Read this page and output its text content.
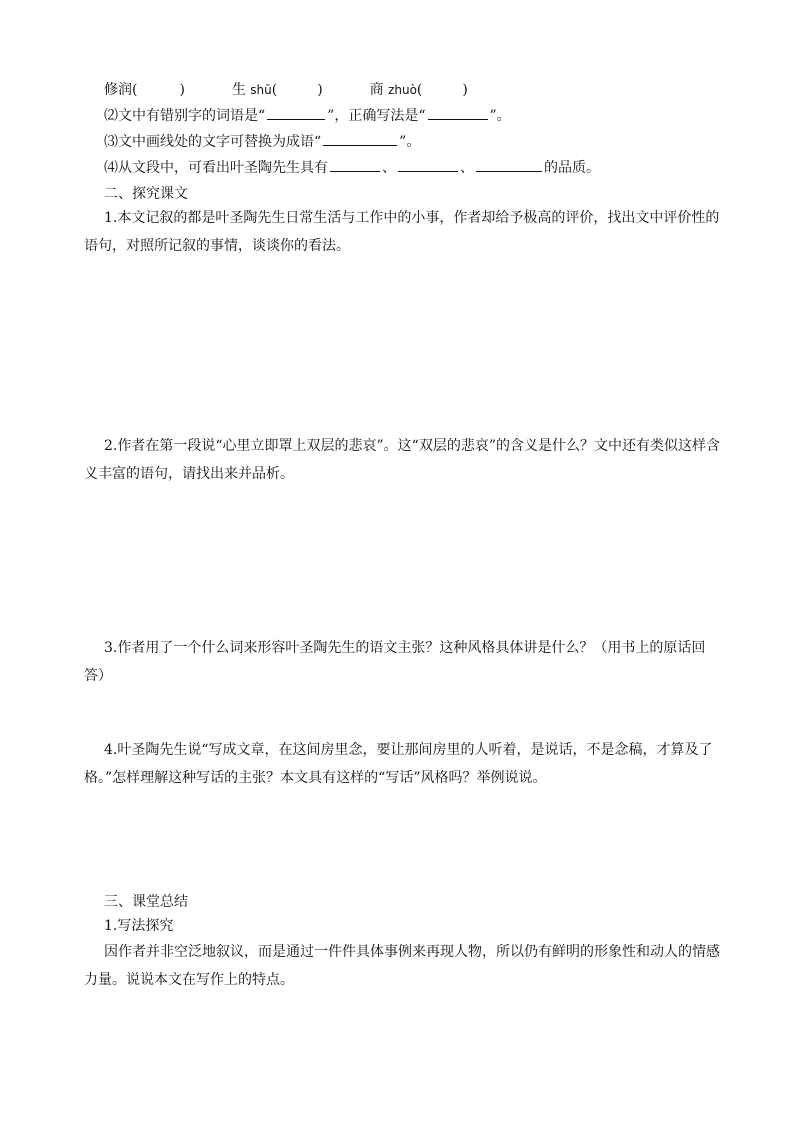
修润(	)	生 shū(	)	商 zhuò(	)
⑵文中有错别字的词语是“	”，正确写法是“	”。
⑶文中画线处的文字可替换为成语“	”。
⑷从文段中，可看出叶圣陶先生具有	、	、	的品质。
二、探究课文
1.本文记叙的都是叶圣陶先生日常生活与工作中的小事，作者却给予极高的评价，找出文中评价性的语句，对照所记叙的事情，谈谈你的看法。
2.作者在第一段说“心里立即罩上双层的悲哀”。这“双层的悲哀”的含义是什么？文中还有类似这样含义丰富的语句，请找出来并品析。
3.作者用了一个什么词来形容叶圣陶先生的语文主张？这种风格具体讲是什么？（用书上的原话回答）
4.叶圣陶先生说“写成文章，在这间房里念，要让那间房里的人听着，是说话，不是念稿，才算及了格。”怎样理解这种写话的主张？本文具有这样的“写话”风格吗？举例说说。
三、课堂总结
1.写法探究
因作者并非空泛地叙议，而是通过一件件具体事例来再现人物，所以仍有鲜明的形象性和动人的情感力量。说说本文在写作上的特点。
